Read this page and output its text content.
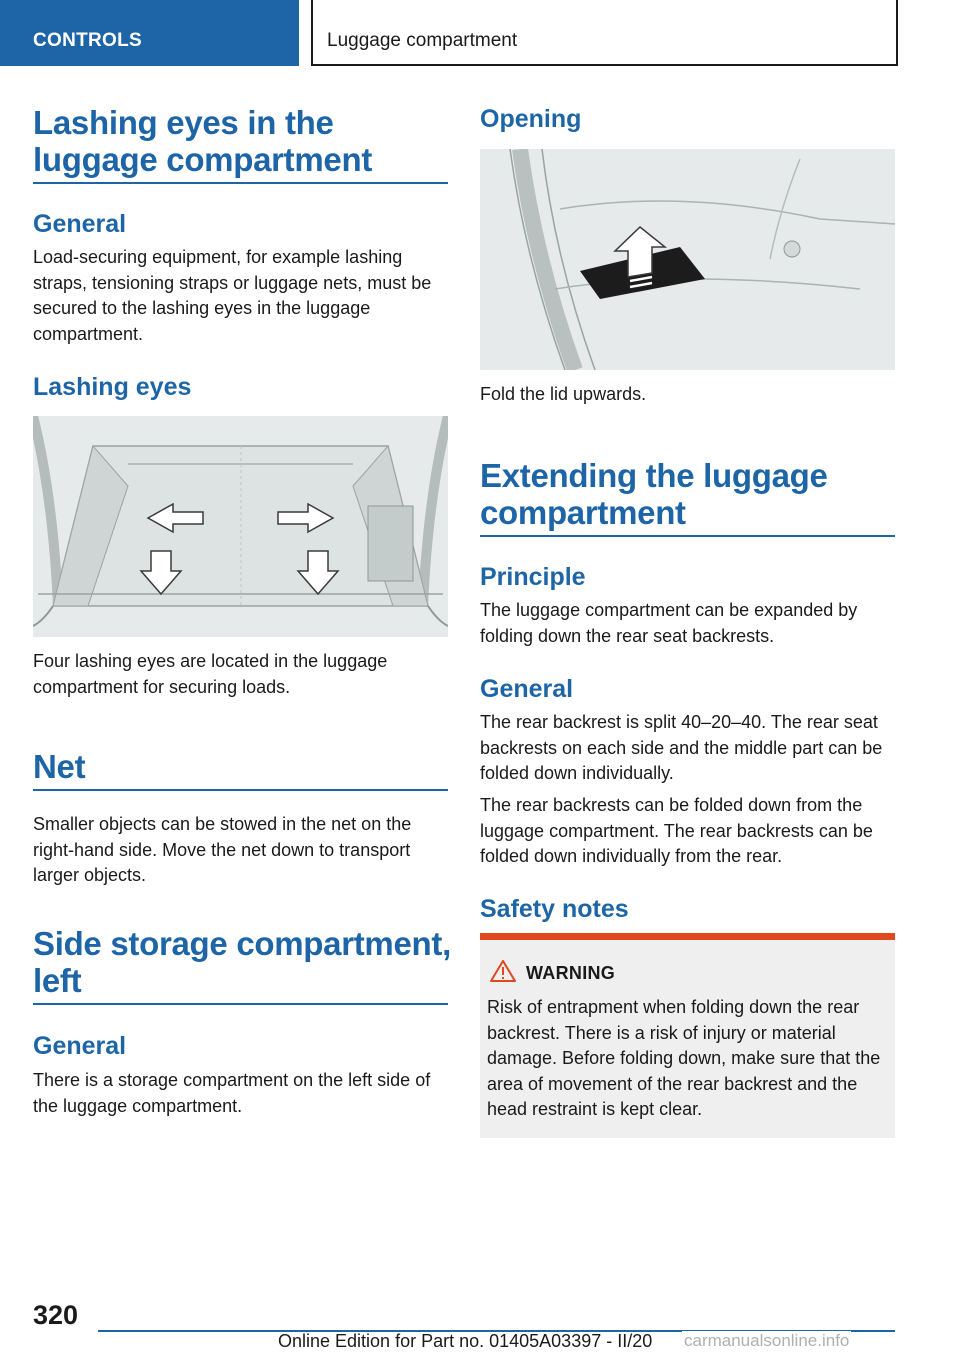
CONTROLS	Luggage compartment
Lashing eyes in the luggage compartment
General

Load-securing equipment, for example lashing straps, tensioning straps or luggage nets, must be secured to the lashing eyes in the luggage compartment.

Lashing eyes

Four lashing eyes are located in the luggage compartment for securing loads.

Net

Smaller objects can be stowed in the net on the right-hand side. Move the net down to transport larger objects.

Side storage compartment, left
General

There is a storage compartment on the left side of the luggage compartment.

Opening

Fold the lid upwards.

Extending the luggage compartment
Principle

The luggage compartment can be expanded by folding down the rear seat backrests.

General

The rear backrest is split 40–20–40. The rear seat backrests on each side and the middle part can be folded down individually.

The rear backrests can be folded down from the luggage compartment. The rear backrests can be folded down individually from the rear.

Safety notes
WARNING

Risk of entrapment when folding down the rear backrest. There is a risk of injury or material damage. Before folding down, make sure that the area of movement of the rear backrest and the head restraint is kept clear.

320
Online Edition for Part no. 01405A03397 - II/20 carmanualsonline.info
